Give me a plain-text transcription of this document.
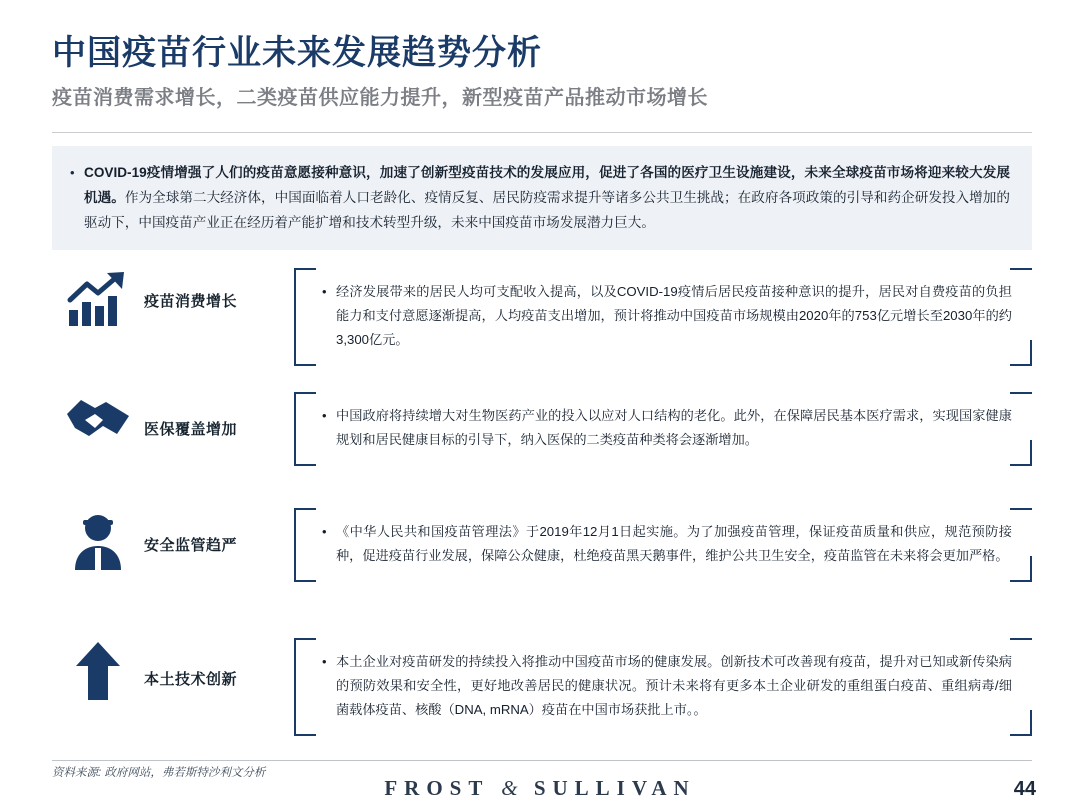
中国疫苗行业未来发展趋势分析
疫苗消费需求增长，二类疫苗供应能力提升，新型疫苗产品推动市场增长
• COVID-19疫情增强了人们的疫苗意愿接种意识，加速了创新型疫苗技术的发展应用，促进了各国的医疗卫生设施建设，未来全球疫苗市场将迎来较大发展机遇。作为全球第二大经济体，中国面临着人口老龄化、疫情反复、居民防疫需求提升等诸多公共卫生挑战；在政府各项政策的引导和药企研发投入增加的驱动下，中国疫苗产业正在经历着产能扩增和技术转型升级，未来中国疫苗市场发展潜力巨大。
疫苗消费增长
• 经济发展带来的居民人均可支配收入提高，以及COVID-19疫情后居民疫苗接种意识的提升，居民对自费疫苗的负担能力和支付意愿逐渐提高，人均疫苗支出增加，预计将推动中国疫苗市场规模由2020年的753亿元增长至2030年的约3,300亿元。
医保覆盖增加
• 中国政府将持续增大对生物医药产业的投入以应对人口结构的老化。此外，在保障居民基本医疗需求，实现国家健康规划和居民健康目标的引导下，纳入医保的二类疫苗种类将会逐渐增加。
安全监管趋严
• 《中华人民共和国疫苗管理法》于2019年12月1日起实施。为了加强疫苗管理，保证疫苗质量和供应，规范预防接种，促进疫苗行业发展，保障公众健康，杜绝疫苗黑天鹅事件，维护公共卫生安全，疫苗监管在未来将会更加严格。
本土技术创新
• 本土企业对疫苗研发的持续投入将推动中国疫苗市场的健康发展。创新技术可改善现有疫苗，提升对已知或新传染病的预防效果和安全性，更好地改善居民的健康状况。预计未来将有更多本土企业研发的重组蛋白疫苗、重组病毒/细菌载体疫苗、核酸（DNA, mRNA）疫苗在中国市场获批上市。。
资料来源: 政府网站，弗若斯特沙利文分析
FROST & SULLIVAN	44
